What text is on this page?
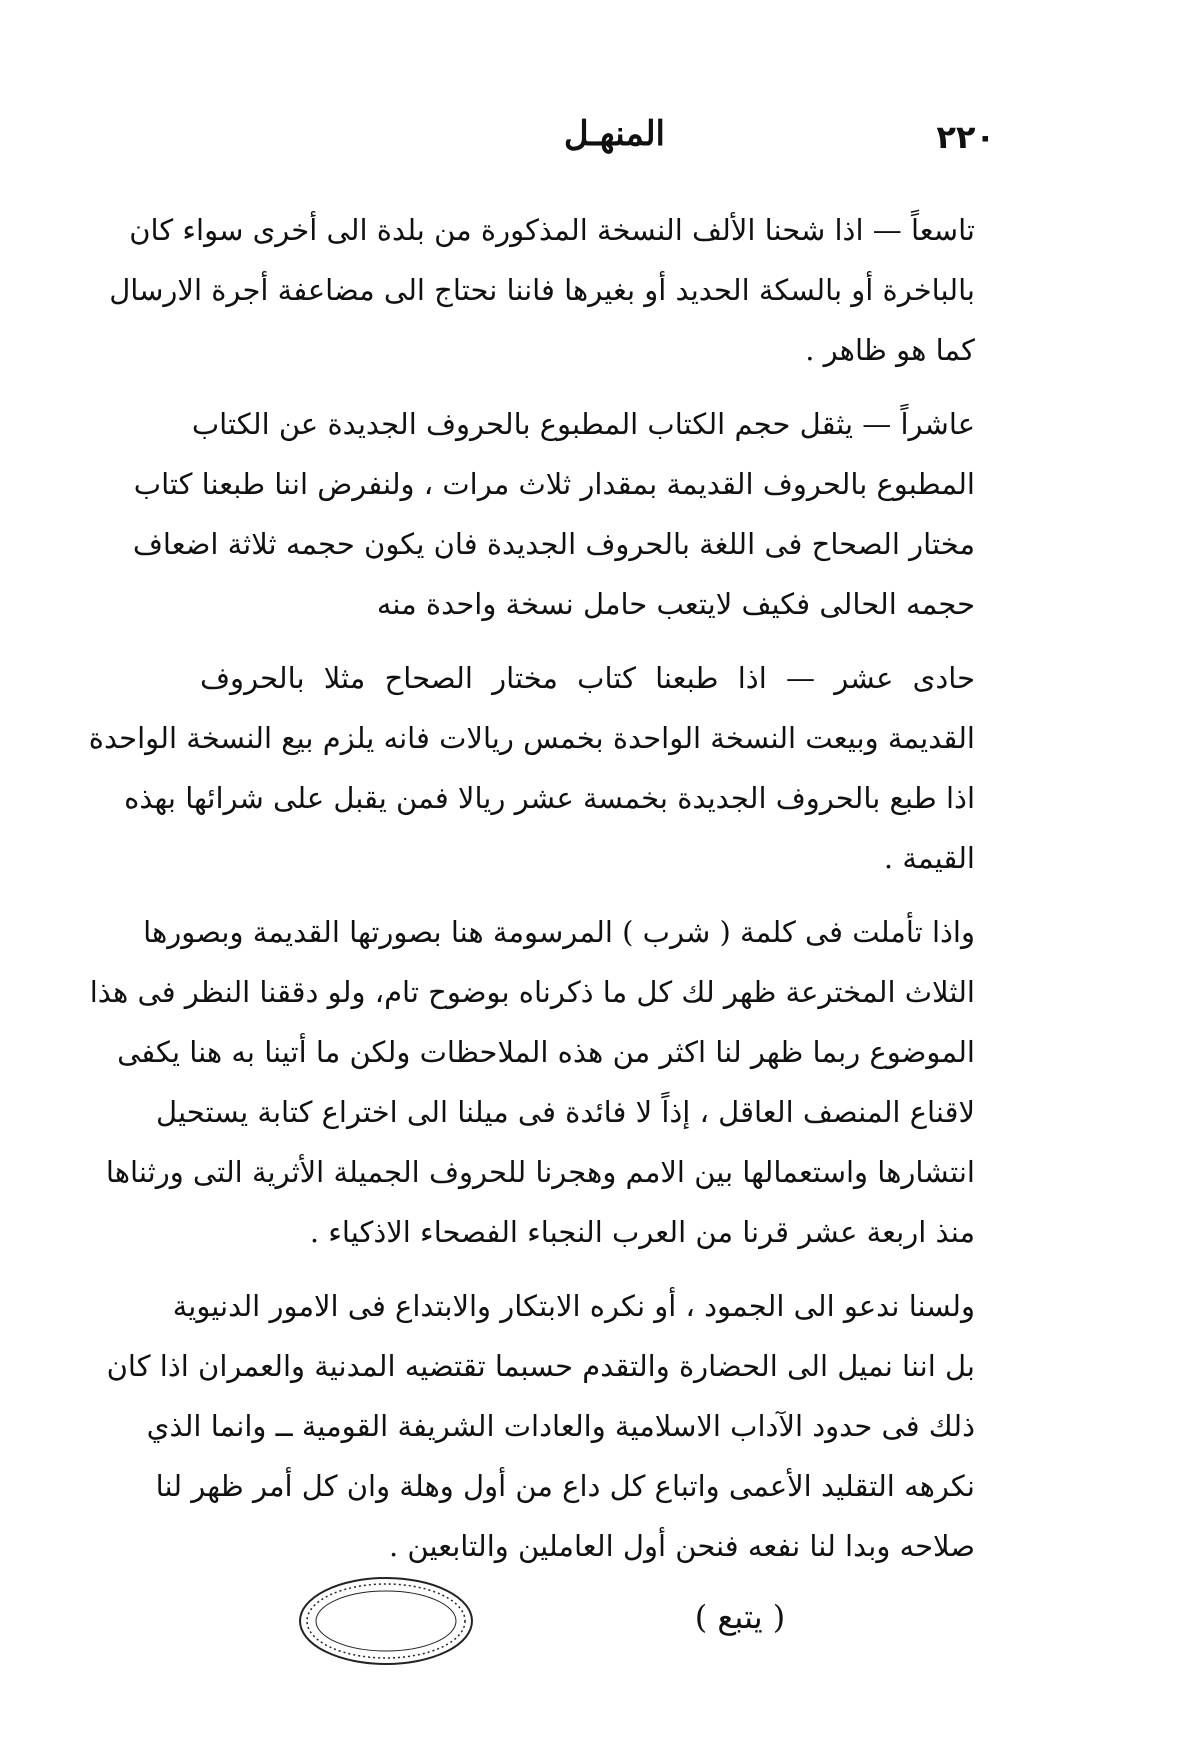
٢٢٠
المنهـل

تاسعاً — اذا شحنا الألف النسخة المذكورة من بلدة الى أخرى سواء كان
بالباخرة أو بالسكة الحديد أو بغيرها فاننا نحتاج الى مضاعفة أجرة الارسال
كما هو ظاهر .

عاشراً — يثقل حجم الكتاب المطبوع بالحروف الجديدة عن الكتاب
المطبوع بالحروف القديمة بمقدار ثلاث مرات ، ولنفرض اننا طبعنا كتاب
مختار الصحاح فى اللغة بالحروف الجديدة فان يكون حجمه ثلاثة اضعاف
حجمه الحالى فكيف لايتعب حامل نسخة واحدة منه

حادى عشر — اذا طبعنا كتاب مختار الصحاح مثلا بالحروف
القديمة وبيعت النسخة الواحدة بخمس ريالات فانه يلزم بيع النسخة الواحدة
اذا طبع بالحروف الجديدة بخمسة عشر ريالا فمن يقبل على شرائها بهذه
القيمة .

واذا تأملت فى كلمة ( شرب ) المرسومة هنا بصورتها القديمة وبصورها
الثلاث المخترعة ظهر لك كل ما ذكرناه بوضوح تام، ولو دققنا النظر فى هذا
الموضوع ربما ظهر لنا اكثر من هذه الملاحظات ولكن ما أتينا به هنا يكفى
لاقناع المنصف العاقل ، إذاً لا فائدة فى ميلنا الى اختراع كتابة يستحيل
انتشارها واستعمالها بين الامم وهجرنا للحروف الجميلة الأثرية التى ورثناها
منذ اربعة عشر قرنا من العرب النجباء الفصحاء الاذكياء .

ولسنا ندعو الى الجمود ، أو نكره الابتكار والابتداع فى الامور الدنيوية
بل اننا نميل الى الحضارة والتقدم حسبما تقتضيه المدنية والعمران اذا كان
ذلك فى حدود الآداب الاسلامية والعادات الشريفة القومية ــ وانما الذي
نكرهه التقليد الأعمى واتباع كل داع من أول وهلة وان كل أمر ظهر لنا
صلاحه وبدا لنا نفعه فنحن أول العاملين والتابعين .

( يتبع )
